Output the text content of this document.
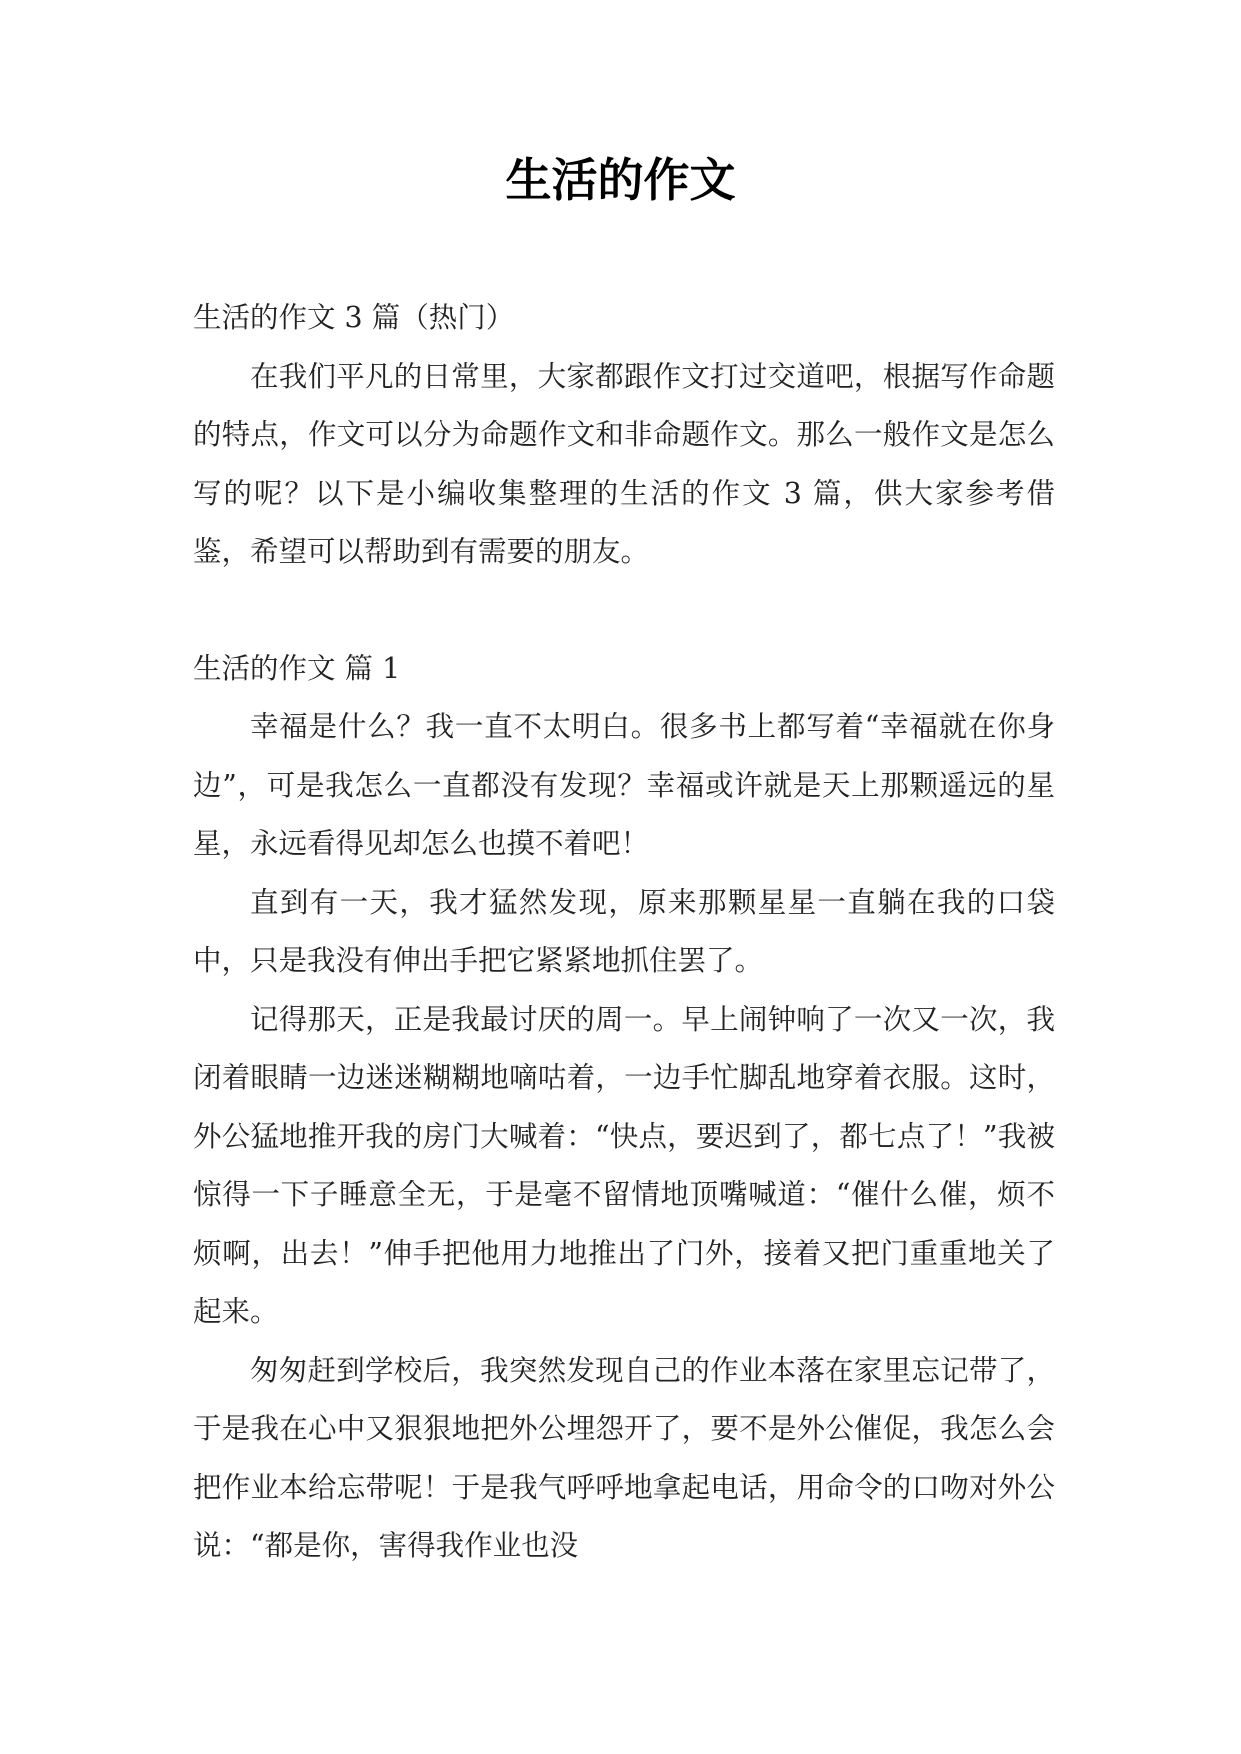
生活的作文

生活的作文 3 篇（热门）

在我们平凡的日常里，大家都跟作文打过交道吧，根据写作命题的特点，作文可以分为命题作文和非命题作文。那么一般作文是怎么写的呢？以下是小编收集整理的生活的作文 3 篇，供大家参考借鉴，希望可以帮助到有需要的朋友。

生活的作文 篇 1

幸福是什么？我一直不太明白。很多书上都写着“幸福就在你身边”，可是我怎么一直都没有发现？幸福或许就是天上那颗遥远的星星，永远看得见却怎么也摸不着吧！

直到有一天，我才猛然发现，原来那颗星星一直躺在我的口袋中，只是我没有伸出手把它紧紧地抓住罢了。

记得那天，正是我最讨厌的周一。早上闹钟响了一次又一次，我闭着眼睛一边迷迷糊糊地嘀咕着，一边手忙脚乱地穿着衣服。这时，外公猛地推开我的房门大喊着：“快点，要迟到了，都七点了！”我被惊得一下子睡意全无，于是毫不留情地顶嘴喊道：“催什么催，烦不烦啊，出去！”伸手把他用力地推出了门外，接着又把门重重地关了起来。

匆匆赶到学校后，我突然发现自己的作业本落在家里忘记带了，于是我在心中又狠狠地把外公埋怨开了，要不是外公催促，我怎么会把作业本给忘带呢！于是我气呼呼地拿起电话，用命令的口吻对外公说：“都是你，害得我作业也没
